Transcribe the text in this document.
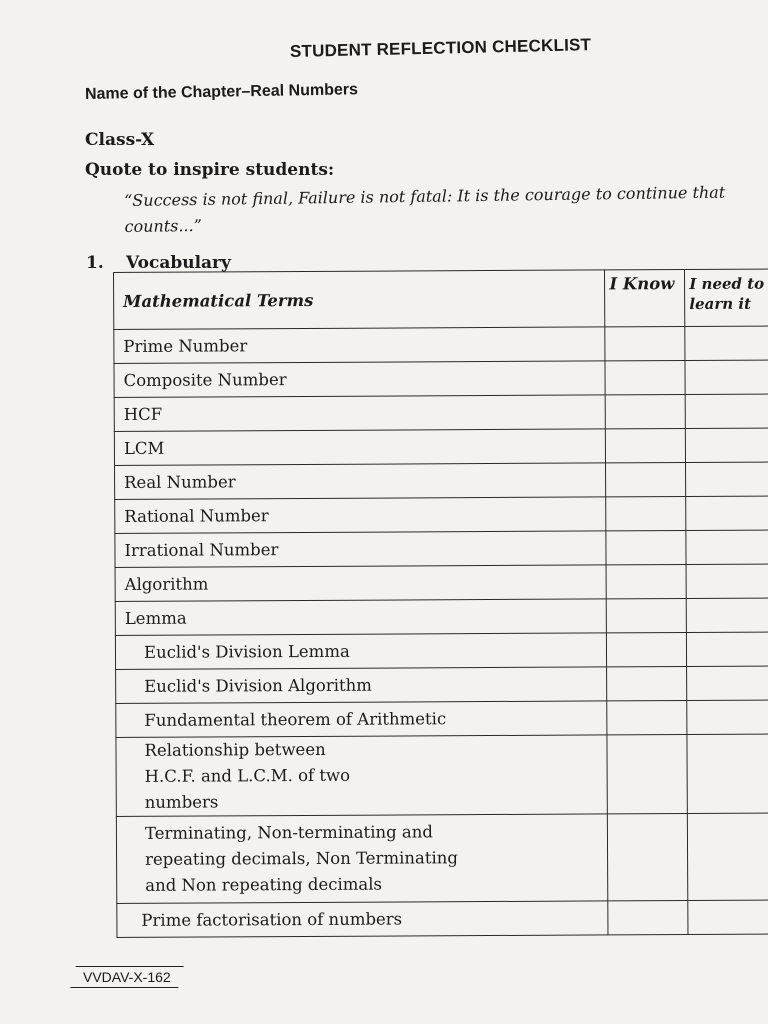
STUDENT REFLECTION CHECKLIST
Name of the Chapter–Real Numbers
Class-X
Quote to inspire students:
“Success is not final, Failure is not fatal: It is the courage to continue that
counts...”
1. Vocabulary
Mathematical Terms	I Know	I need to learn it
Prime Number		
Composite Number		
HCF		
LCM		
Real Number		
Rational Number		
Irrational Number		
Algorithm		
Lemma		
Euclid's Division Lemma		
Euclid's Division Algorithm		
Fundamental theorem of Arithmetic		
Relationship between H.C.F. and L.C.M. of two numbers		
Terminating, Non-terminating and repeating decimals, Non Terminating and Non repeating decimals		
Prime factorisation of numbers		
VVDAV-X-162
